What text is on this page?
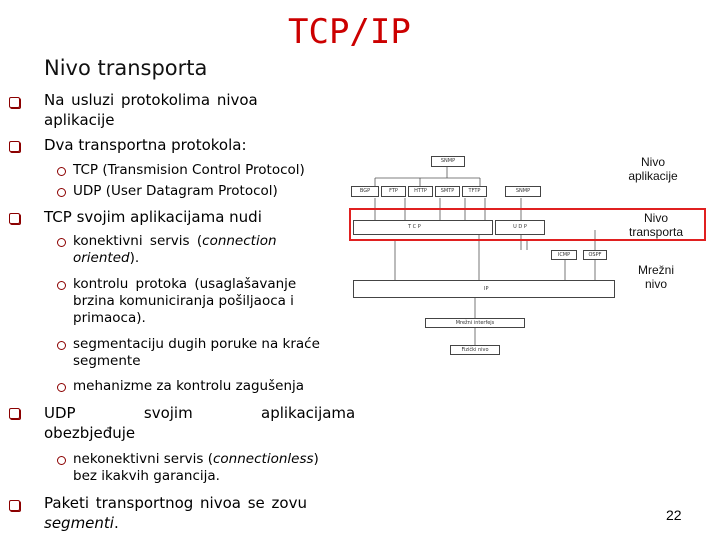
TCP/IP
Nivo transporta
Na usluzi protokolima nivoa
aplikacije
Dva transportna protokola:
TCP (Transmision Control Protocol)
UDP (User Datagram Protocol)
TCP svojim aplikacijama nudi
konektivni servis (connection
oriented).
kontrolu protoka (usaglašavanje
brzina komuniciranja pošiljaoca i
primaoca).
segmentaciju dugih poruke na kraće
segmente
mehanizme za kontrolu zagušenja
UDP   svojim   aplikacijama
obezbjeđuje
nekonektivni servis (connectionless)
bez ikakvih garancija.
Paketi transportnog nivoa se zovu
segmenti.
SNMP
BGP	FTP	HTTP	SMTP	TFTP	SNMP
T C P	U D P
ICMP	OSPF
IP
Mrežni interfejs
Fizički nivo
Nivo
aplikacije
Nivo
transporta
Mrežni
nivo
22
